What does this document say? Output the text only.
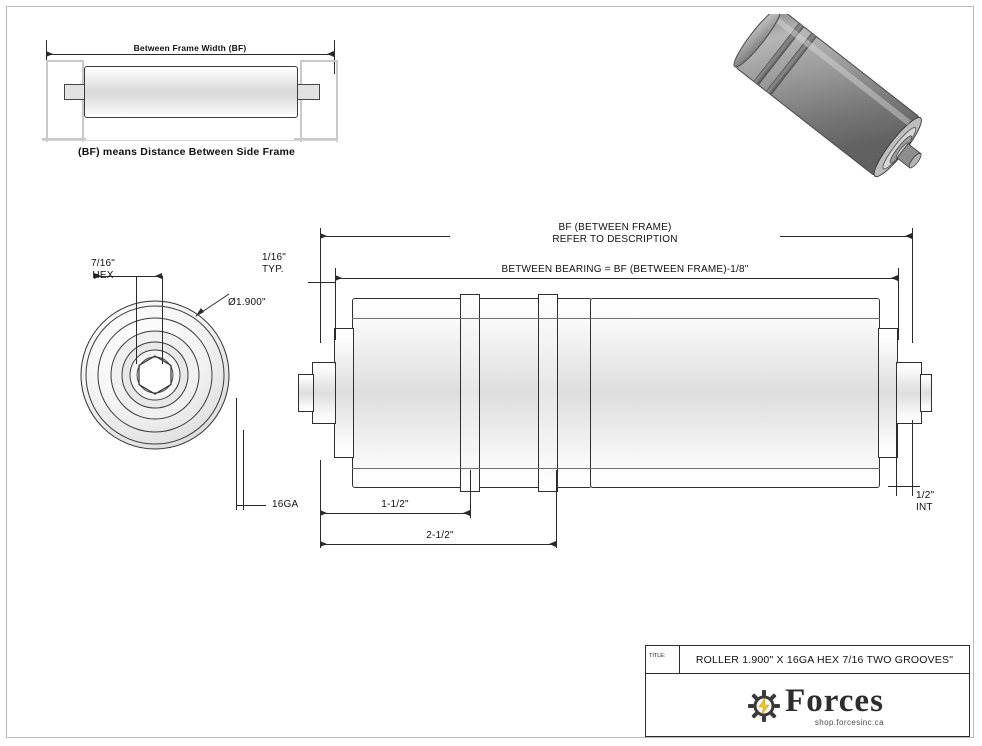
Between Frame Width (BF)
(BF) means Distance Between Side Frame
7/16"
HEX
Ø1.900"
16GA
BF (BETWEEN FRAME)
REFER TO DESCRIPTION
BETWEEN BEARING = BF (BETWEEN FRAME)-1/8"
1/16"
TYP.
1/2"
INT
1-1/2"
2-1/2"
TITLE:	ROLLER 1.900" X 16GA HEX 7/16 TWO GROOVES"
Forces
shop.forcesinc.ca
